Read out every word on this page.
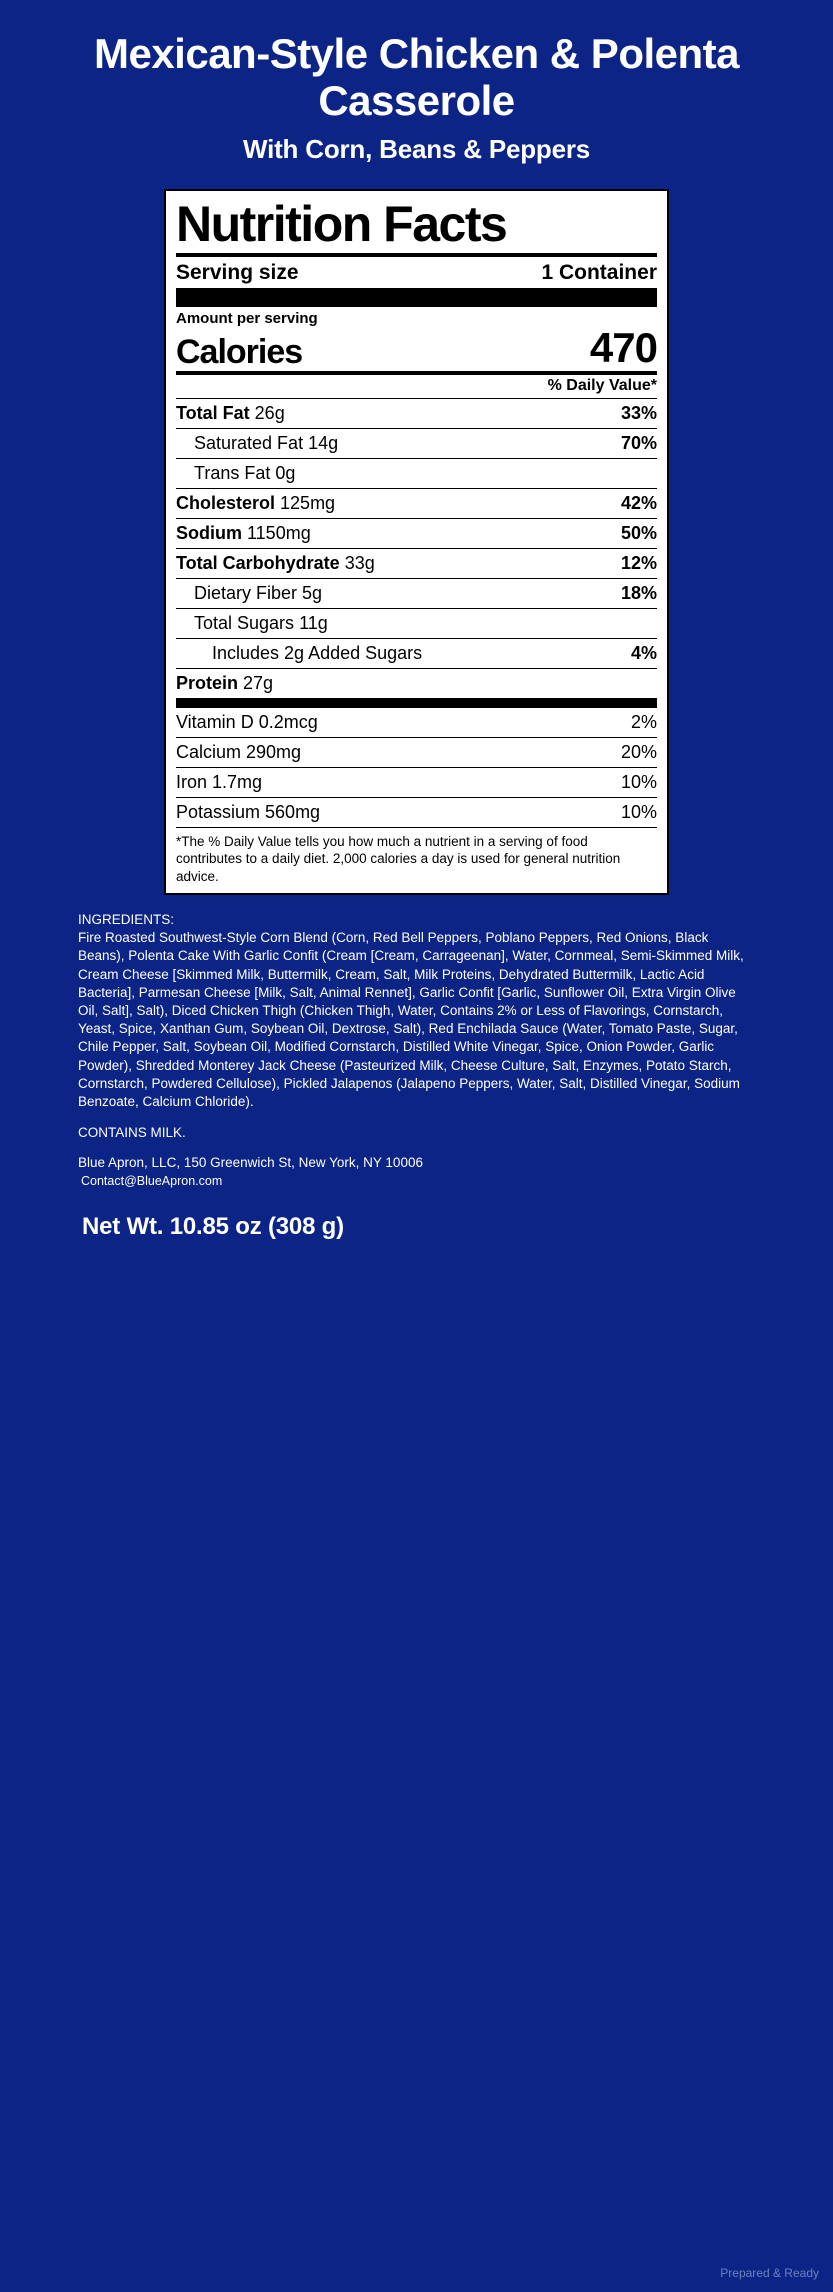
Mexican-Style Chicken & Polenta Casserole
With Corn, Beans & Peppers
Nutrition Facts
Serving size	1 Container
Amount per serving
Calories	470
% Daily Value*
Total Fat 26g	33%
Saturated Fat 14g	70%
Trans Fat 0g
Cholesterol 125mg	42%
Sodium 1150mg	50%
Total Carbohydrate 33g	12%
Dietary Fiber 5g	18%
Total Sugars 11g
Includes 2g Added Sugars	4%
Protein 27g
Vitamin D 0.2mcg	2%
Calcium 290mg	20%
Iron 1.7mg	10%
Potassium 560mg	10%
*The % Daily Value tells you how much a nutrient in a serving of food contributes to a daily diet. 2,000 calories a day is used for general nutrition advice.
INGREDIENTS:
Fire Roasted Southwest-Style Corn Blend (Corn, Red Bell Peppers, Poblano Peppers, Red Onions, Black Beans), Polenta Cake With Garlic Confit (Cream [Cream, Carrageenan], Water, Cornmeal, Semi-Skimmed Milk, Cream Cheese [Skimmed Milk, Buttermilk, Cream, Salt, Milk Proteins, Dehydrated Buttermilk, Lactic Acid Bacteria], Parmesan Cheese [Milk, Salt, Animal Rennet], Garlic Confit [Garlic, Sunflower Oil, Extra Virgin Olive Oil, Salt], Salt), Diced Chicken Thigh (Chicken Thigh, Water, Contains 2% or Less of Flavorings, Cornstarch, Yeast, Spice, Xanthan Gum, Soybean Oil, Dextrose, Salt), Red Enchilada Sauce (Water, Tomato Paste, Sugar, Chile Pepper, Salt, Soybean Oil, Modified Cornstarch, Distilled White Vinegar, Spice, Onion Powder, Garlic Powder), Shredded Monterey Jack Cheese (Pasteurized Milk, Cheese Culture, Salt, Enzymes, Potato Starch, Cornstarch, Powdered Cellulose), Pickled Jalapenos (Jalapeno Peppers, Water, Salt, Distilled Vinegar, Sodium Benzoate, Calcium Chloride).
CONTAINS MILK.
Blue Apron, LLC, 150 Greenwich St, New York, NY 10006
Contact@BlueApron.com
Net Wt. 10.85 oz (308 g)
Prepared & Ready
